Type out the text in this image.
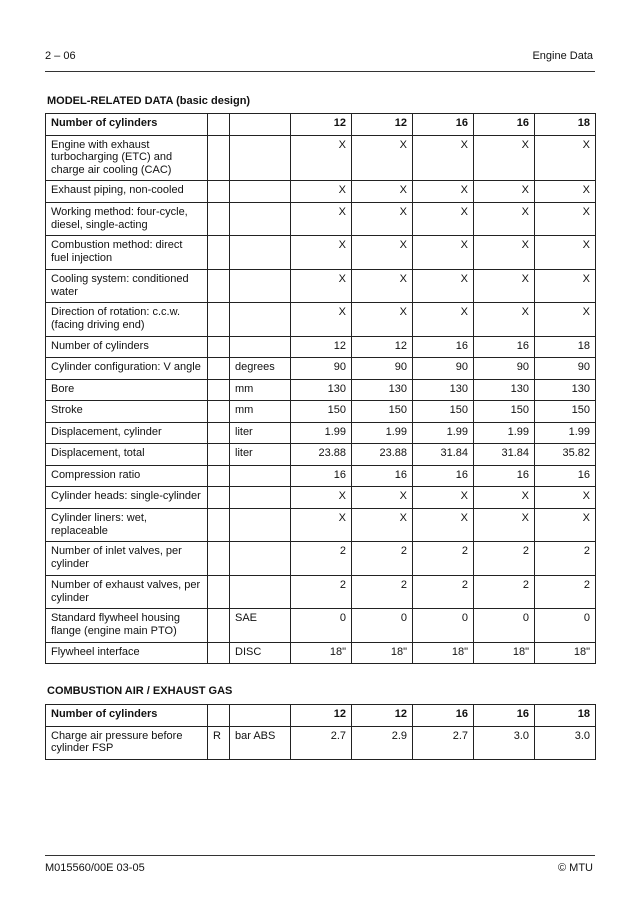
2 – 06	Engine Data
MODEL-RELATED DATA (basic design)
Number of cylinders			12	12	16	16	18
Engine with exhaust turbocharging (ETC) and charge air cooling (CAC)			X	X	X	X	X
Exhaust piping, non-cooled			X	X	X	X	X
Working method: four-cycle, diesel, single-acting			X	X	X	X	X
Combustion method: direct fuel injection			X	X	X	X	X
Cooling system: conditioned water			X	X	X	X	X
Direction of rotation: c.c.w. (facing driving end)			X	X	X	X	X
Number of cylinders			12	12	16	16	18
Cylinder configuration: V angle		degrees	90	90	90	90	90
Bore		mm	130	130	130	130	130
Stroke		mm	150	150	150	150	150
Displacement, cylinder		liter	1.99	1.99	1.99	1.99	1.99
Displacement, total		liter	23.88	23.88	31.84	31.84	35.82
Compression ratio			16	16	16	16	16
Cylinder heads: single-cylinder			X	X	X	X	X
Cylinder liners: wet, replaceable			X	X	X	X	X
Number of inlet valves, per cylinder			2	2	2	2	2
Number of exhaust valves, per cylinder			2	2	2	2	2
Standard flywheel housing flange (engine main PTO)		SAE	0	0	0	0	0
Flywheel interface		DISC	18"	18"	18"	18"	18"
COMBUSTION AIR / EXHAUST GAS
Number of cylinders			12	12	16	16	18
Charge air pressure before cylinder FSP	R	bar ABS	2.7	2.9	2.7	3.0	3.0
M015560/00E 03-05	© MTU
